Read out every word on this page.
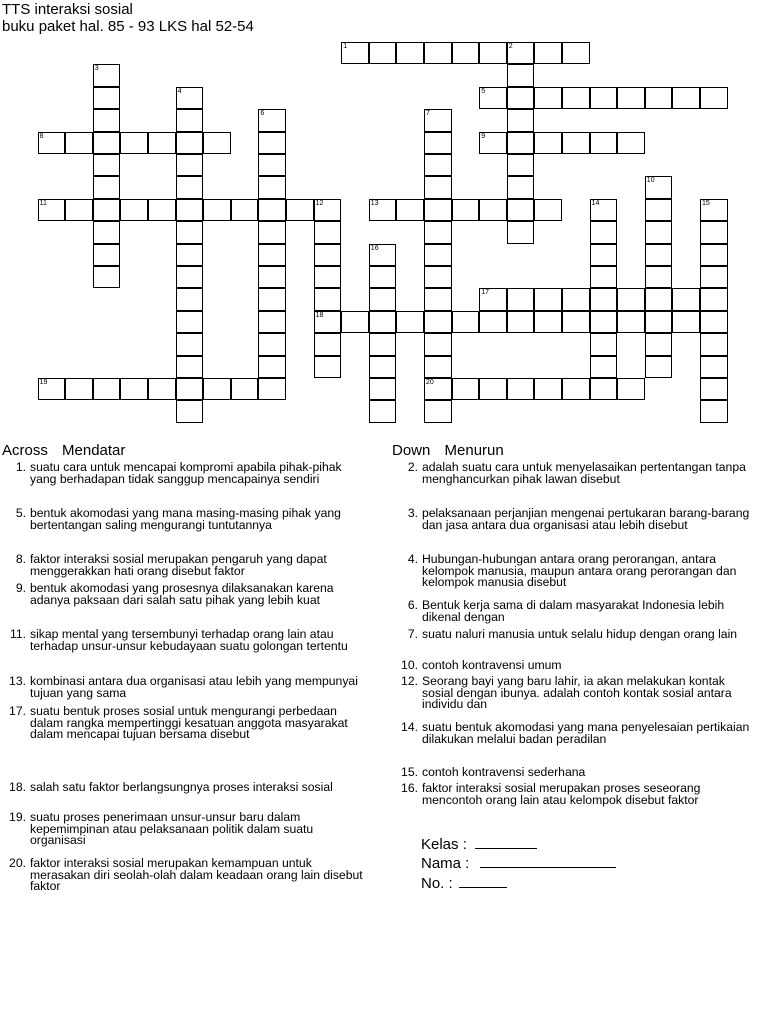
TTS interaksi sosial
buku paket hal. 85 - 93 LKS hal 52-54
1	2
3
4	5
6	7
20
8	9
10
11	12
18
13	14	15
16
17
19
Across Mendatar	Down Menurun
1. suatu cara untuk mencapai kompromi apabila pihak-pihak yang berhadapan tidak sanggup mencapainya sendiri
5. bentuk akomodasi yang mana masing-masing pihak yang bertentangan saling mengurangi tuntutannya
8. faktor interaksi sosial merupakan pengaruh yang dapat menggerakkan hati orang disebut faktor
9. bentuk akomodasi yang prosesnya dilaksanakan karena adanya paksaan dari salah satu pihak yang lebih kuat
11. sikap mental yang tersembunyi terhadap orang lain atau terhadap unsur-unsur kebudayaan suatu golongan tertentu
13. kombinasi antara dua organisasi atau lebih yang mempunyai tujuan yang sama
17. suatu bentuk proses sosial untuk mengurangi perbedaan dalam rangka mempertinggi kesatuan anggota masyarakat dalam mencapai tujuan bersama disebut
18. salah satu faktor berlangsungnya proses interaksi sosial
19. suatu proses penerimaan unsur-unsur baru dalam kepemimpinan atau pelaksanaan politik dalam suatu organisasi
20. faktor interaksi sosial merupakan kemampuan untuk merasakan diri seolah-olah dalam keadaan orang lain disebut faktor
2. adalah suatu cara untuk menyelasaikan pertentangan tanpa menghancurkan pihak lawan disebut
3. pelaksanaan perjanjian mengenai pertukaran barang-barang dan jasa antara dua organisasi atau lebih disebut
4. Hubungan-hubungan antara orang perorangan, antara kelompok manusia, maupun antara orang perorangan dan kelompok manusia disebut
6. Bentuk kerja sama di dalam masyarakat Indonesia lebih dikenal dengan
7. suatu naluri manusia untuk selalu hidup dengan orang lain
10. contoh kontravensi umum
12. Seorang bayi yang baru lahir, ia akan melakukan kontak sosial dengan ibunya. adalah contoh kontak sosial antara individu dan
14. suatu bentuk akomodasi yang mana penyelesaian pertikaian dilakukan melalui badan peradilan
15. contoh kontravensi sederhana
16. faktor interaksi sosial merupakan proses seseorang mencontoh orang lain atau kelompok disebut faktor
Kelas :
Nama :
No. :
